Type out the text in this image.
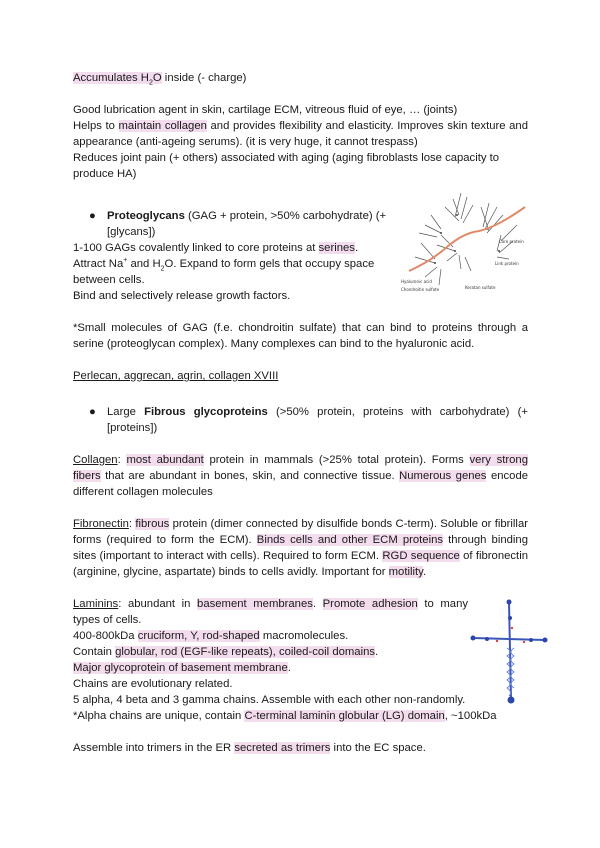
Accumulates $H_2O$ inside (- charge)

Good lubrication agent in skin, cartilage ECM, vitreous fluid of eye, … (joints)

Helps to maintain collagen and provides flexibility and elasticity. Improves skin texture and appearance (anti-ageing serums). (it is very huge, it cannot trespass)

Reduces joint pain (+ others) associated with aging (aging fibroblasts lose capacity to produce HA)

● Proteoglycans (GAG + protein, >50% carbohydrate) (+ [glycans])

1-100 GAGs covalently linked to core proteins at serines.

Attract Na+ and $H_2O$. Expand to form gels that occupy space between cells.

Bind and selectively release growth factors.

*Small molecules of GAG (f.e. chondroitin sulfate) that can bind to proteins through a serine (proteoglycan complex). Many complexes can bind to the hyaluronic acid.

Perlecan, aggrecan, agrin, collagen XVIII

● Large Fibrous glycoproteins (>50% protein, proteins with carbohydrate) (+[proteins])

Collagen: most abundant protein in mammals (>25% total protein). Forms very strong fibers that are abundant in bones, skin, and connective tissue. Numerous genes encode different collagen molecules

Fibronectin: fibrous protein (dimer connected by disulfide bonds C-term). Soluble or fibrillar forms (required to form the ECM). Binds cells and other ECM proteins through binding sites (important to interact with cells). Required to form ECM. RGD sequence of fibronectin (arginine, glycine, aspartate) binds to cells avidly. Important for motility.

Laminins: abundant in basement membranes. Promote adhesion to many types of cells.

400-800kDa cruciform, Y, rod-shaped macromolecules.

Contain globular, rod (EGF-like repeats), coiled-coil domains.

Major glycoprotein of basement membrane.

Chains are evolutionary related.

5 alpha, 4 beta and 3 gamma chains. Assemble with each other non-randomly.

*Alpha chains are unique, contain C-terminal laminin globular (LG) domain, ~100kDa

Assemble into trimers in the ER secreted as trimers into the EC space.

Core protein
Link protein
Keratan sulfate
Hyaluronic acid
Chondroitin sulfate
